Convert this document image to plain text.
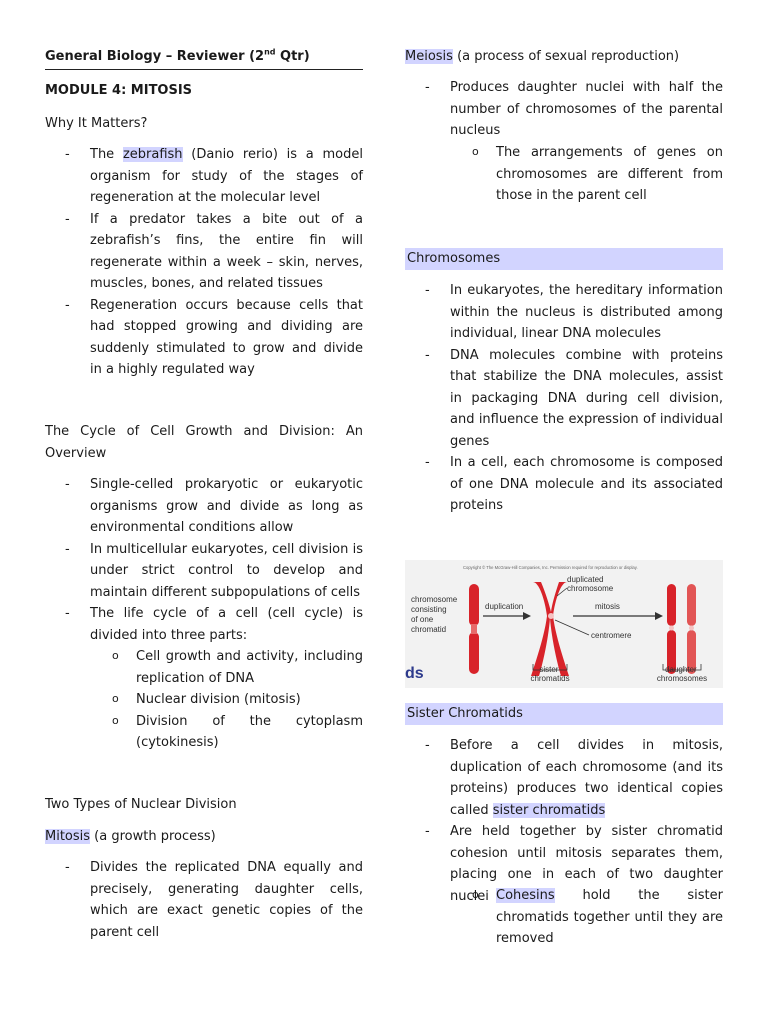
General Biology – Reviewer (2nd Qtr)
MODULE 4: MITOSIS
Why It Matters?
- The zebrafish (Danio rerio) is a model organism for study of the stages of regeneration at the molecular level
- If a predator takes a bite out of a zebrafish’s fins, the entire fin will regenerate within a week – skin, nerves, muscles, bones, and related tissues
- Regeneration occurs because cells that had stopped growing and dividing are suddenly stimulated to grow and divide in a highly regulated way
The Cycle of Cell Growth and Division: An Overview
- Single-celled prokaryotic or eukaryotic organisms grow and divide as long as environmental conditions allow
- In multicellular eukaryotes, cell division is under strict control to develop and maintain different subpopulations of cells
- The life cycle of a cell (cell cycle) is divided into three parts:
o Cell growth and activity, including replication of DNA
o Nuclear division (mitosis)
o Division of the cytoplasm (cytokinesis)
Two Types of Nuclear Division
Mitosis (a growth process)
- Divides the replicated DNA equally and precisely, generating daughter cells, which are exact genetic copies of the parent cell
Meiosis (a process of sexual reproduction)
- Produces daughter nuclei with half the number of chromosomes of the parental nucleus
o The arrangements of genes on chromosomes are different from those in the parent cell
Chromosomes
- In eukaryotes, the hereditary information within the nucleus is distributed among individual, linear DNA molecules
- DNA molecules combine with proteins that stabilize the DNA molecules, assist in packaging DNA during cell division, and influence the expression of individual genes
- In a cell, each chromosome is composed of one DNA molecule and its associated proteins
Copyright © The McGraw-Hill Companies, Inc. Permission required for reproduction or display.
ds
chromosome consisting of one chromatid
duplication
duplicated chromosome
mitosis
centromere
sister chromatids
daughter chromosomes
Sister Chromatids
- Before a cell divides in mitosis, duplication of each chromosome (and its proteins) produces two identical copies called sister chromatids
- Are held together by sister chromatid cohesion until mitosis separates them, placing one in each of two daughter nuclei
o Cohesins hold the sister chromatids together until they are removed
